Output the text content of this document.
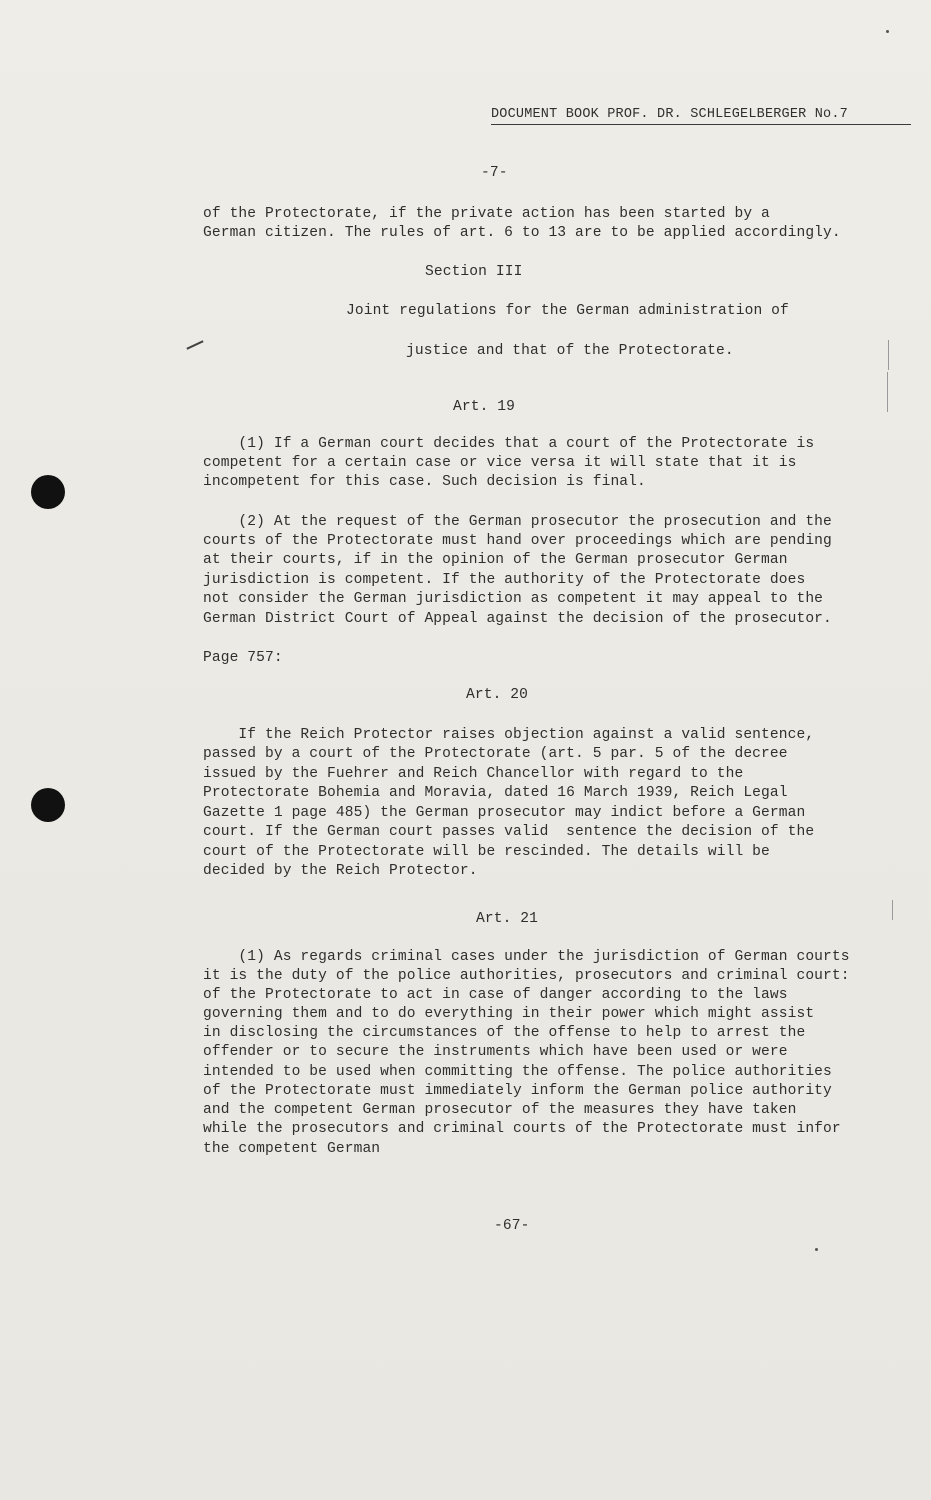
DOCUMENT BOOK PROF. DR. SCHLEGELBERGER No.7
-7-
of the Protectorate, if the private action has been started by a
German citizen. The rules of art. 6 to 13 are to be applied accordingly.
Section III
Joint regulations for the German administration of
justice and that of the Protectorate.
Art. 19
(1) If a German court decides that a court of the Protectorate is
competent for a certain case or vice versa it will state that it is
incompetent for this case. Such decision is final.
(2) At the request of the German prosecutor the prosecution and the
courts of the Protectorate must hand over proceedings which are pending
at their courts, if in the opinion of the German prosecutor German
jurisdiction is competent. If the authority of the Protectorate does
not consider the German jurisdiction as competent it may appeal to the
German District Court of Appeal against the decision of the prosecutor.
Page 757:
Art. 20
If the Reich Protector raises objection against a valid sentence,
passed by a court of the Protectorate (art. 5 par. 5 of the decree
issued by the Fuehrer and Reich Chancellor with regard to the
Protectorate Bohemia and Moravia, dated 16 March 1939, Reich Legal
Gazette 1 page 485) the German prosecutor may indict before a German
court. If the German court passes valid  sentence the decision of the
court of the Protectorate will be rescinded. The details will be
decided by the Reich Protector.
Art. 21
(1) As regards criminal cases under the jurisdiction of German courts
it is the duty of the police authorities, prosecutors and criminal court:
of the Protectorate to act in case of danger according to the laws
governing them and to do everything in their power which might assist
in disclosing the circumstances of the offense to help to arrest the
offender or to secure the instruments which have been used or were
intended to be used when committing the offense. The police authorities
of the Protectorate must immediately inform the German police authority
and the competent German prosecutor of the measures they have taken
while the prosecutors and criminal courts of the Protectorate must infor
the competent German
-67-
